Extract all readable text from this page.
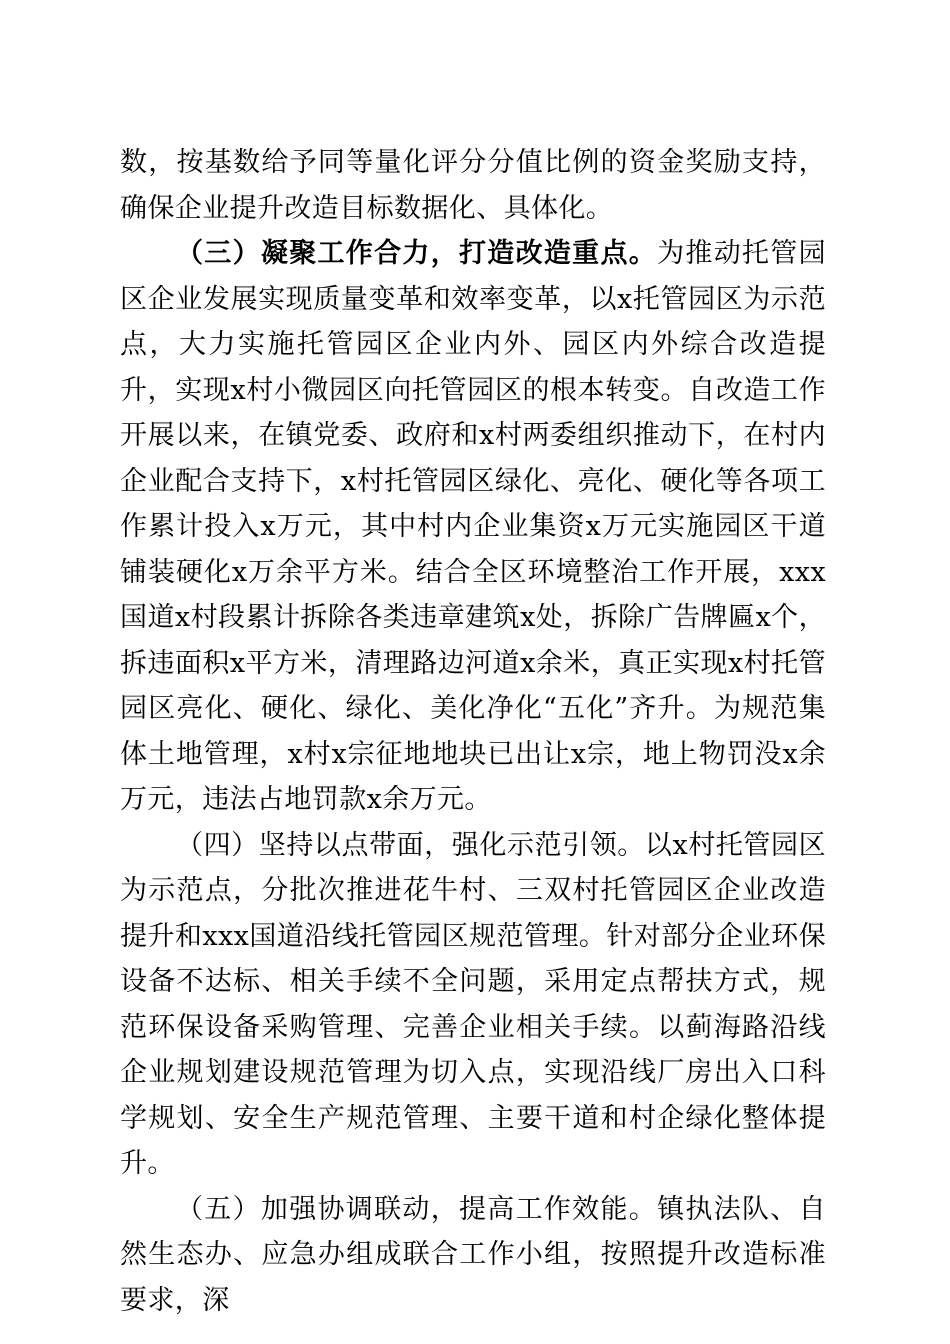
数，按基数给予同等量化评分分值比例的资金奖励支持，确保企业提升改造目标数据化、具体化。

（三）凝聚工作合力，打造改造重点。为推动托管园区企业发展实现质量变革和效率变革，以x托管园区为示范点，大力实施托管园区企业内外、园区内外综合改造提升，实现x村小微园区向托管园区的根本转变。自改造工作开展以来，在镇党委、政府和x村两委组织推动下，在村内企业配合支持下，x村托管园区绿化、亮化、硬化等各项工作累计投入x万元，其中村内企业集资x万元实施园区干道铺装硬化x万余平方米。结合全区环境整治工作开展，xxx国道x村段累计拆除各类违章建筑x处，拆除广告牌匾x个，拆违面积x平方米，清理路边河道x余米，真正实现x村托管园区亮化、硬化、绿化、美化净化“五化”齐升。为规范集体土地管理，x村x宗征地地块已出让x宗，地上物罚没x余万元，违法占地罚款x余万元。

（四）坚持以点带面，强化示范引领。以x村托管园区为示范点，分批次推进花牛村、三双村托管园区企业改造提升和xxx国道沿线托管园区规范管理。针对部分企业环保设备不达标、相关手续不全问题，采用定点帮扶方式，规范环保设备采购管理、完善企业相关手续。以蓟海路沿线企业规划建设规范管理为切入点，实现沿线厂房出入口科学规划、安全生产规范管理、主要干道和村企绿化整体提升。

（五）加强协调联动，提高工作效能。镇执法队、自然生态办、应急办组成联合工作小组，按照提升改造标准要求，深
